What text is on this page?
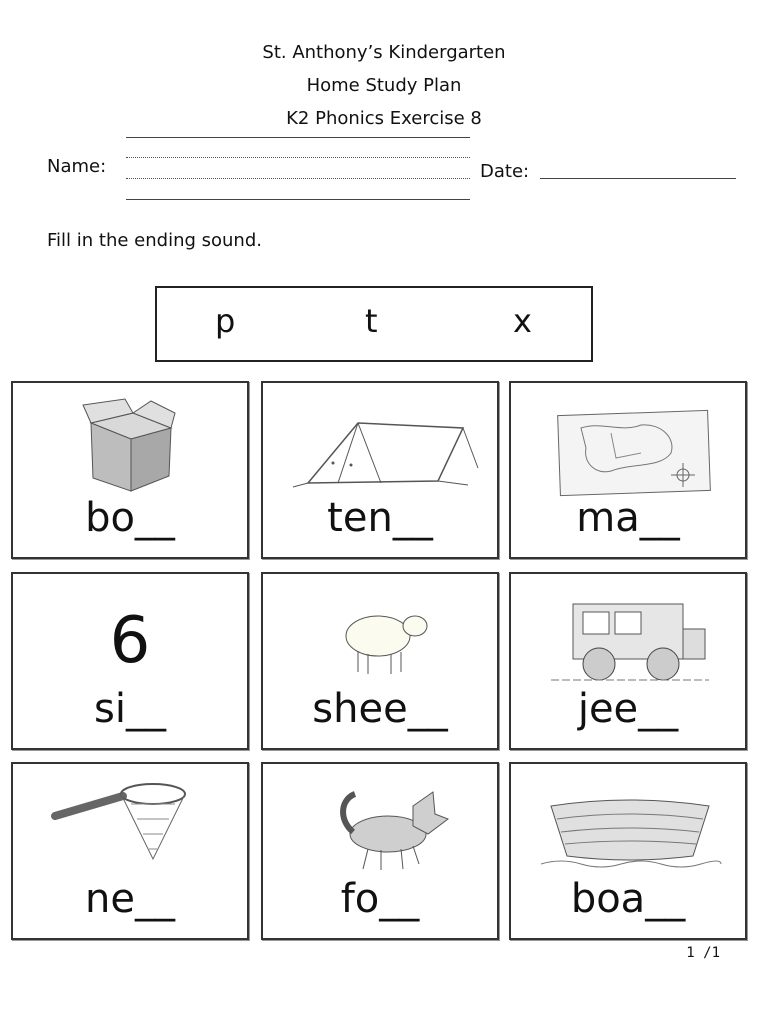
St. Anthony’s Kindergarten
Home Study Plan
K2 Phonics Exercise 8
Name:	Date:
Fill in the ending sound.
p	t	x
bo__	ten__	ma__
6
si__	shee__	jee__
ne__	fo__	boa__
1 /1
